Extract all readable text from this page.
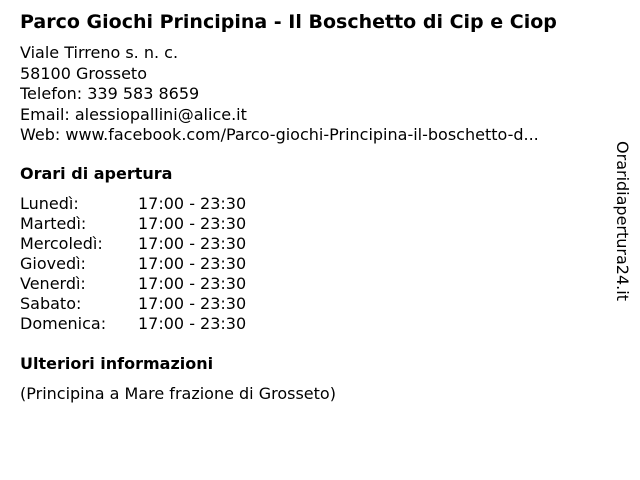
Parco Giochi Principina - Il Boschetto di Cip e Ciop
Viale Tirreno s. n. c.
58100 Grosseto
Telefon: 339 583 8659
Email: alessiopallini@alice.it
Web: www.facebook.com/Parco-giochi-Principina-il-boschetto-d...
Orari di apertura
Lunedì:	17:00 - 23:30
Martedì:	17:00 - 23:30
Mercoledì:	17:00 - 23:30
Giovedì:	17:00 - 23:30
Venerdì:	17:00 - 23:30
Sabato:	17:00 - 23:30
Domenica:	17:00 - 23:30
Ulteriori informazioni
(Principina a Mare frazione di Grosseto)
Oraridiapertura24.it
